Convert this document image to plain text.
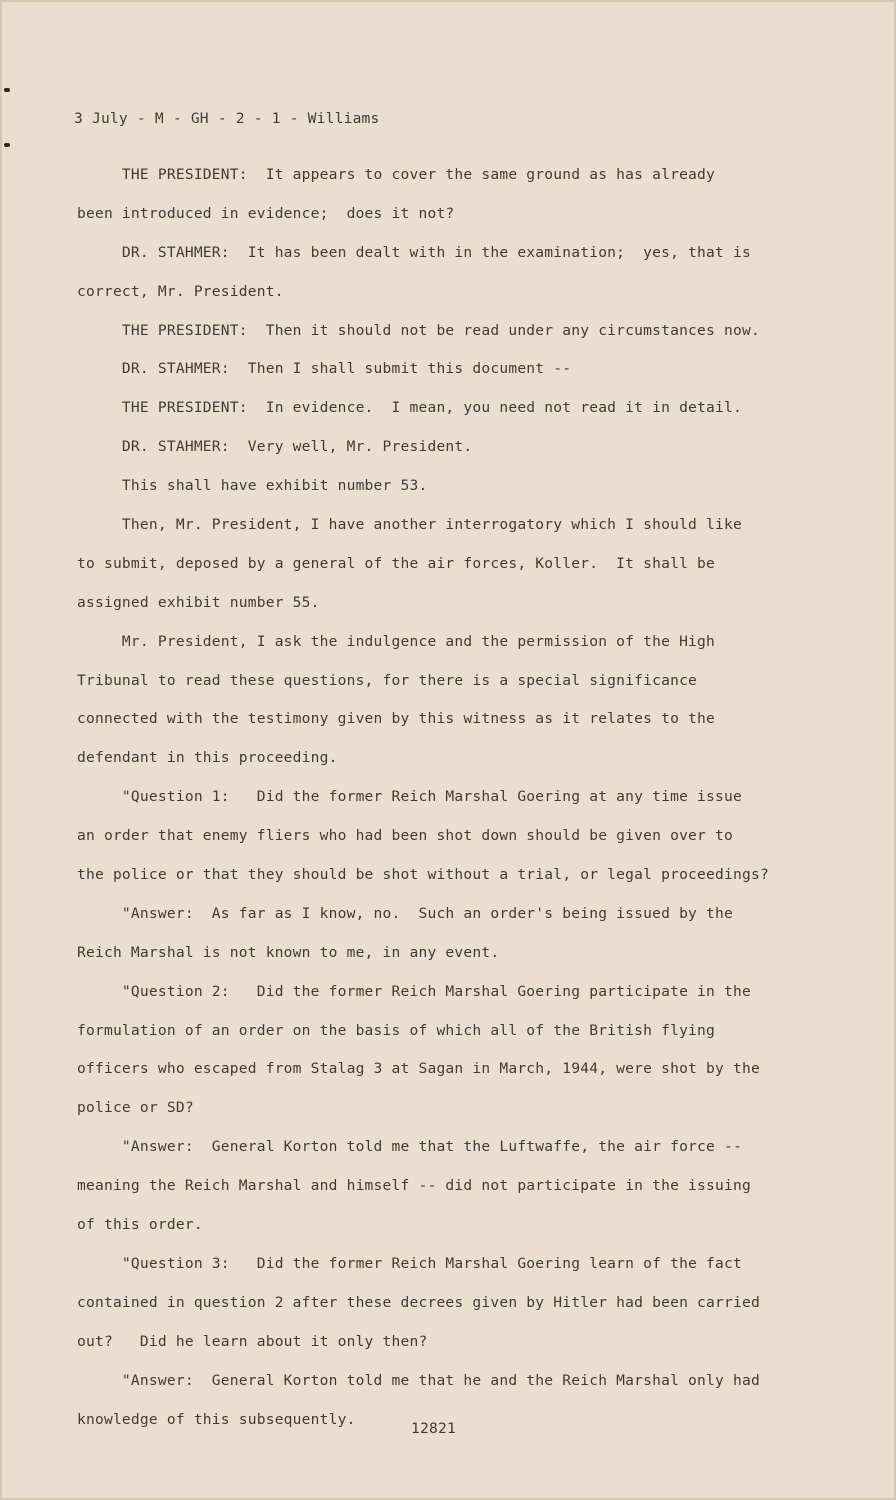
3 July - M - GH - 2 - 1 - Williams
THE PRESIDENT:  It appears to cover the same ground as has already
been introduced in evidence;  does it not?
DR. STAHMER:  It has been dealt with in the examination;  yes, that is
correct, Mr. President.
THE PRESIDENT:  Then it should not be read under any circumstances now.
DR. STAHMER:  Then I shall submit this document --
THE PRESIDENT:  In evidence.  I mean, you need not read it in detail.
DR. STAHMER:  Very well, Mr. President.
This shall have exhibit number 53.
Then, Mr. President, I have another interrogatory which I should like
to submit, deposed by a general of the air forces, Koller.  It shall be
assigned exhibit number 55.
Mr. President, I ask the indulgence and the permission of the High
Tribunal to read these questions, for there is a special significance
connected with the testimony given by this witness as it relates to the
defendant in this proceeding.
"Question 1:   Did the former Reich Marshal Goering at any time issue
an order that enemy fliers who had been shot down should be given over to
the police or that they should be shot without a trial, or legal proceedings?
"Answer:  As far as I know, no.  Such an order's being issued by the
Reich Marshal is not known to me, in any event.
"Question 2:   Did the former Reich Marshal Goering participate in the
formulation of an order on the basis of which all of the British flying
officers who escaped from Stalag 3 at Sagan in March, 1944, were shot by the
police or SD?
"Answer:  General Korton told me that the Luftwaffe, the air force --
meaning the Reich Marshal and himself -- did not participate in the issuing
of this order.
"Question 3:   Did the former Reich Marshal Goering learn of the fact
contained in question 2 after these decrees given by Hitler had been carried
out?   Did he learn about it only then?
"Answer:  General Korton told me that he and the Reich Marshal only had
knowledge of this subsequently.
12821
